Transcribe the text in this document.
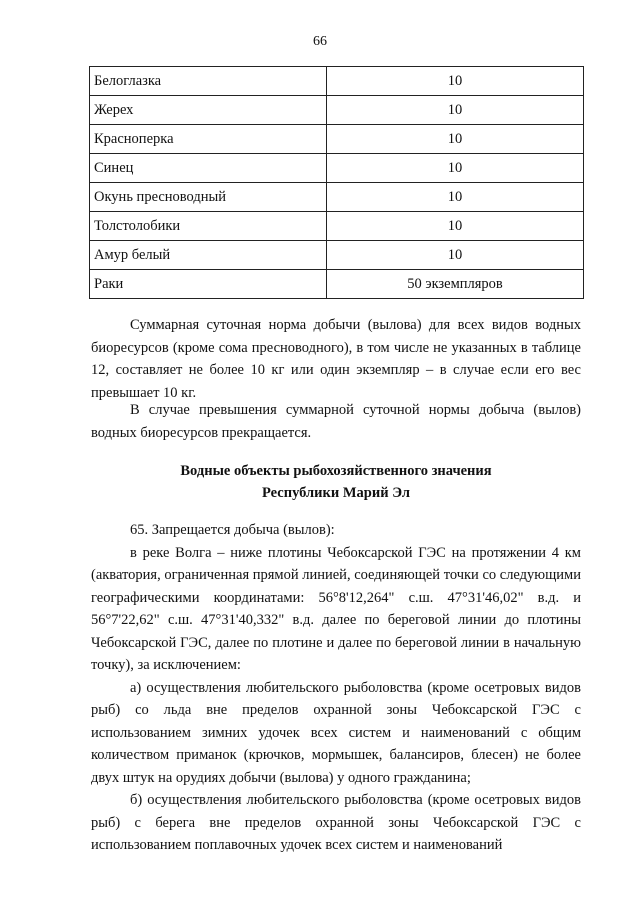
66
Белоглазка	10
Жерех	10
Красноперка	10
Синец	10
Окунь пресноводный	10
Толстолобики	10
Амур белый	10
Раки	50 экземпляров

Суммарная суточная норма добычи (вылова) для всех видов водных биоресурсов (кроме сома пресноводного), в том числе не указанных в таблице 12, составляет не более 10 кг или один экземпляр – в случае если его вес превышает 10 кг.

В случае превышения суммарной суточной нормы добыча (вылов) водных биоресурсов прекращается.

Водные объекты рыбохозяйственного значения
Республики Марий Эл

65. Запрещается добыча (вылов):

в реке Волга – ниже плотины Чебоксарской ГЭС на протяжении 4 км (акватория, ограниченная прямой линией, соединяющей точки со следующими географическими координатами: 56°8'12,264" с.ш. 47°31'46,02" в.д. и 56°7'22,62" с.ш. 47°31'40,332" в.д. далее по береговой линии до плотины Чебоксарской ГЭС, далее по плотине и далее по береговой линии в начальную точку), за исключением:

а) осуществления любительского рыболовства (кроме осетровых видов рыб) со льда вне пределов охранной зоны Чебоксарской ГЭС с использованием зимних удочек всех систем и наименований с общим количеством приманок (крючков, мормышек, балансиров, блесен) не более двух штук на орудиях добычи (вылова) у одного гражданина;

б) осуществления любительского рыболовства (кроме осетровых видов рыб) с берега вне пределов охранной зоны Чебоксарской ГЭС с использованием поплавочных удочек всех систем и наименований
